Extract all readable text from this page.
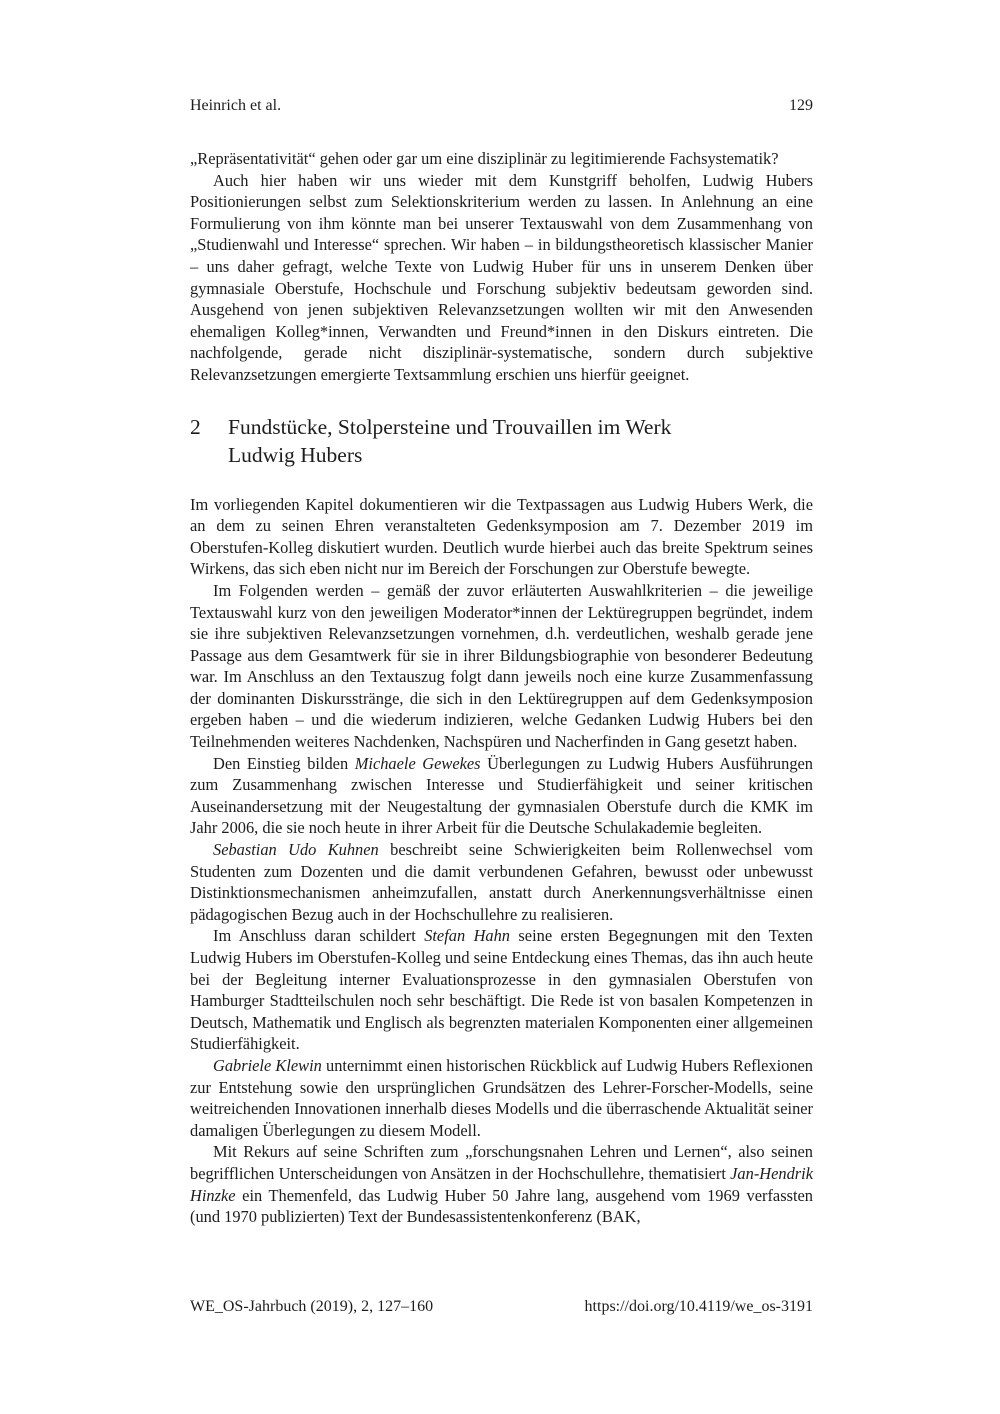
Heinrich et al.	129

„Repräsentativität“ gehen oder gar um eine disziplinär zu legitimierende Fachsystematik?

Auch hier haben wir uns wieder mit dem Kunstgriff beholfen, Ludwig Hubers Positionierungen selbst zum Selektionskriterium werden zu lassen. In Anlehnung an eine Formulierung von ihm könnte man bei unserer Textauswahl von dem Zusammenhang von „Studienwahl und Interesse“ sprechen. Wir haben – in bildungstheoretisch klassischer Manier – uns daher gefragt, welche Texte von Ludwig Huber für uns in unserem Denken über gymnasiale Oberstufe, Hochschule und Forschung subjektiv bedeutsam geworden sind. Ausgehend von jenen subjektiven Relevanzsetzungen wollten wir mit den Anwesenden ehemaligen Kolleg*innen, Verwandten und Freund*innen in den Diskurs eintreten. Die nachfolgende, gerade nicht disziplinär-systematische, sondern durch subjektive Relevanzsetzungen emergierte Textsammlung erschien uns hierfür geeignet.

2 Fundstücke, Stolpersteine und Trouvaillen im Werk
Ludwig Hubers

Im vorliegenden Kapitel dokumentieren wir die Textpassagen aus Ludwig Hubers Werk, die an dem zu seinen Ehren veranstalteten Gedenksymposion am 7. Dezember 2019 im Oberstufen-Kolleg diskutiert wurden. Deutlich wurde hierbei auch das breite Spektrum seines Wirkens, das sich eben nicht nur im Bereich der Forschungen zur Oberstufe bewegte.

Im Folgenden werden – gemäß der zuvor erläuterten Auswahlkriterien – die jeweilige Textauswahl kurz von den jeweiligen Moderator*innen der Lektüregruppen begründet, indem sie ihre subjektiven Relevanzsetzungen vornehmen, d.h. verdeutlichen, weshalb gerade jene Passage aus dem Gesamtwerk für sie in ihrer Bildungsbiographie von besonderer Bedeutung war. Im Anschluss an den Textauszug folgt dann jeweils noch eine kurze Zusammenfassung der dominanten Diskursstränge, die sich in den Lektüregruppen auf dem Gedenksymposion ergeben haben – und die wiederum indizieren, welche Gedanken Ludwig Hubers bei den Teilnehmenden weiteres Nachdenken, Nachspüren und Nacherfinden in Gang gesetzt haben.

Den Einstieg bilden Michaele Gewekes Überlegungen zu Ludwig Hubers Ausführungen zum Zusammenhang zwischen Interesse und Studierfähigkeit und seiner kritischen Auseinandersetzung mit der Neugestaltung der gymnasialen Oberstufe durch die KMK im Jahr 2006, die sie noch heute in ihrer Arbeit für die Deutsche Schulakademie begleiten.

Sebastian Udo Kuhnen beschreibt seine Schwierigkeiten beim Rollenwechsel vom Studenten zum Dozenten und die damit verbundenen Gefahren, bewusst oder unbewusst Distinktionsmechanismen anheimzufallen, anstatt durch Anerkennungsverhältnisse einen pädagogischen Bezug auch in der Hochschullehre zu realisieren.

Im Anschluss daran schildert Stefan Hahn seine ersten Begegnungen mit den Texten Ludwig Hubers im Oberstufen-Kolleg und seine Entdeckung eines Themas, das ihn auch heute bei der Begleitung interner Evaluationsprozesse in den gymnasialen Oberstufen von Hamburger Stadtteilschulen noch sehr beschäftigt. Die Rede ist von basalen Kompetenzen in Deutsch, Mathematik und Englisch als begrenzten materialen Komponenten einer allgemeinen Studierfähigkeit.

Gabriele Klewin unternimmt einen historischen Rückblick auf Ludwig Hubers Reflexionen zur Entstehung sowie den ursprünglichen Grundsätzen des Lehrer-Forscher-Modells, seine weitreichenden Innovationen innerhalb dieses Modells und die überraschende Aktualität seiner damaligen Überlegungen zu diesem Modell.

Mit Rekurs auf seine Schriften zum „forschungsnahen Lehren und Lernen“, also seinen begrifflichen Unterscheidungen von Ansätzen in der Hochschullehre, thematisiert Jan-Hendrik Hinzke ein Themenfeld, das Ludwig Huber 50 Jahre lang, ausgehend vom 1969 verfassten (und 1970 publizierten) Text der Bundesassistentenkonferenz (BAK,

WE_OS-Jahrbuch (2019), 2, 127–160	https://doi.org/10.4119/we_os-3191
